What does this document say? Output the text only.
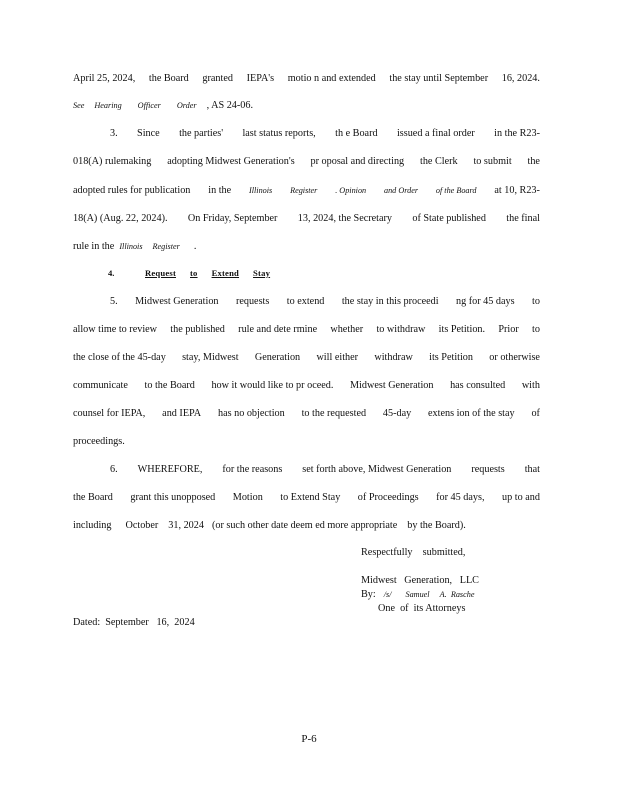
April 25, 2024, the Board granted IEPA's motio n and extended the stay until September 16, 2024.
See Hearing Officer Order , AS 24-06.
3. Since the parties' last status reports, th e Board issued a final order in the R23-
018(A) rulemaking adopting Midwest Generation's pr oposal and directing the Clerk to submit the
adopted rules for publication in the Illinois Register . Opinion and Order of the Board at 10, R23-
18(A) (Aug. 22, 2024). On Friday, September 13, 2024, the Secretary of State published the final
rule in the Illinois Register .
4.	Request to Extend Stay
5. Midwest Generation requests to extend the stay in this proceedi ng for 45 days to
allow time to review the published rule and dete rmine whether to withdraw its Petition. Prior to
the close of the 45-day stay, Midwest Generation will either withdraw its Petition or otherwise
communicate to the Board how it would like to pr oceed. Midwest Generation has consulted with
counsel for IEPA, and IEPA has no objection to the requested 45-day extens ion of the stay of
proceedings.
6. WHEREFORE, for the reasons set forth above, Midwest Generation requests that
the Board grant this unopposed Motion to Extend Stay of Proceedings for 45 days, up to and
including October 31, 2024 (or such other date deem ed more appropriate by the Board).
Respectfully    submitted,
Midwest   Generation,   LLC
By: /s/ Samuel     A.  Rasche
One  of  its Attorneys
Dated:  September   16,  2024
P-6
